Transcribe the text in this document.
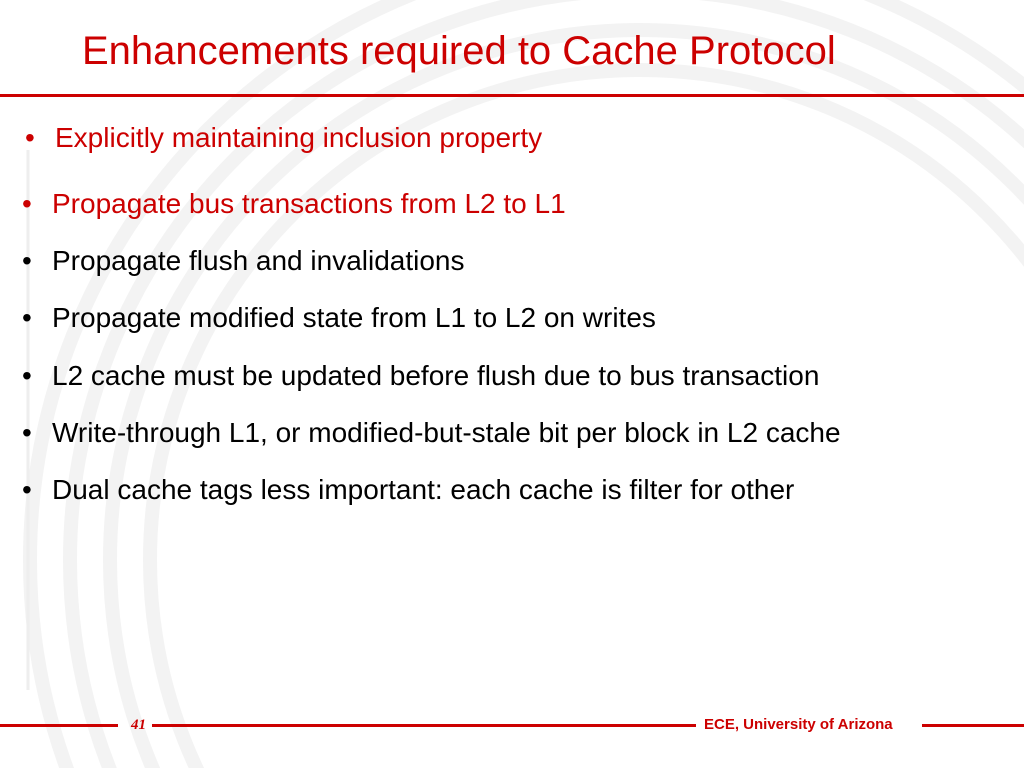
Enhancements required to Cache Protocol
• Explicitly maintaining inclusion property
• Propagate bus transactions from L2 to L1
• Propagate flush and invalidations
• Propagate modified state from L1 to L2 on writes
• L2 cache must be updated before flush due to bus transaction
• Write-through L1, or modified-but-stale bit per block in L2 cache
• Dual cache tags less important: each cache is filter for other
41	ECE, University of Arizona
